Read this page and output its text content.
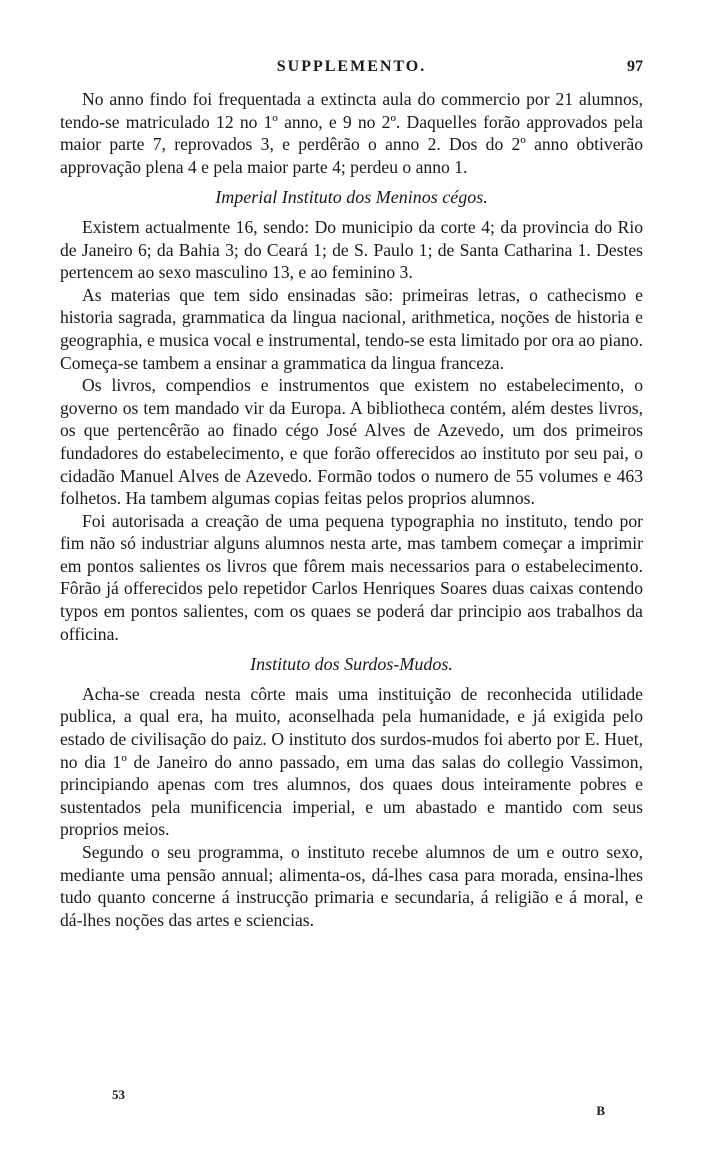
SUPPLEMENTO.	97

No anno findo foi frequentada a extincta aula do commercio por 21 alumnos, tendo-se matriculado 12 no 1º anno, e 9 no 2º. Daquelles forão approvados pela maior parte 7, reprovados 3, e perdêrão o anno 2. Dos do 2º anno obtiverão approvação plena 4 e pela maior parte 4; perdeu o anno 1.

Imperial Instituto dos Meninos cégos.

Existem actualmente 16, sendo: Do municipio da corte 4; da provincia do Rio de Janeiro 6; da Bahia 3; do Ceará 1; de S. Paulo 1; de Santa Catharina 1. Destes pertencem ao sexo masculino 13, e ao feminino 3.

As materias que tem sido ensinadas são: primeiras letras, o cathecismo e historia sagrada, grammatica da lingua nacional, arithmetica, noções de historia e geographia, e musica vocal e instrumental, tendo-se esta limitado por ora ao piano. Começa-se tambem a ensinar a grammatica da lingua franceza.

Os livros, compendios e instrumentos que existem no estabelecimento, o governo os tem mandado vir da Europa. A bibliotheca contém, além destes livros, os que pertencêrão ao finado cégo José Alves de Azevedo, um dos primeiros fundadores do estabelecimento, e que forão offerecidos ao instituto por seu pai, o cidadão Manuel Alves de Azevedo. Formão todos o numero de 55 volumes e 463 folhetos. Ha tambem algumas copias feitas pelos proprios alumnos.

Foi autorisada a creação de uma pequena typographia no instituto, tendo por fim não só industriar alguns alumnos nesta arte, mas tambem começar a imprimir em pontos salientes os livros que fôrem mais necessarios para o estabelecimento. Fôrão já offerecidos pelo repetidor Carlos Henriques Soares duas caixas contendo typos em pontos salientes, com os quaes se poderá dar principio aos trabalhos da officina.

Instituto dos Surdos-Mudos.

Acha-se creada nesta côrte mais uma instituição de reconhecida utilidade publica, a qual era, ha muito, aconselhada pela humanidade, e já exigida pelo estado de civilisação do paiz. O instituto dos surdos-mudos foi aberto por E. Huet, no dia 1º de Janeiro do anno passado, em uma das salas do collegio Vassimon, principiando apenas com tres alumnos, dos quaes dous inteiramente pobres e sustentados pela munificencia imperial, e um abastado e mantido com seus proprios meios.

Segundo o seu programma, o instituto recebe alumnos de um e outro sexo, mediante uma pensão annual; alimenta-os, dá-lhes casa para morada, ensina-lhes tudo quanto concerne á instrucção primaria e secundaria, á religião e á moral, e dá-lhes noções das artes e sciencias.

53
B
